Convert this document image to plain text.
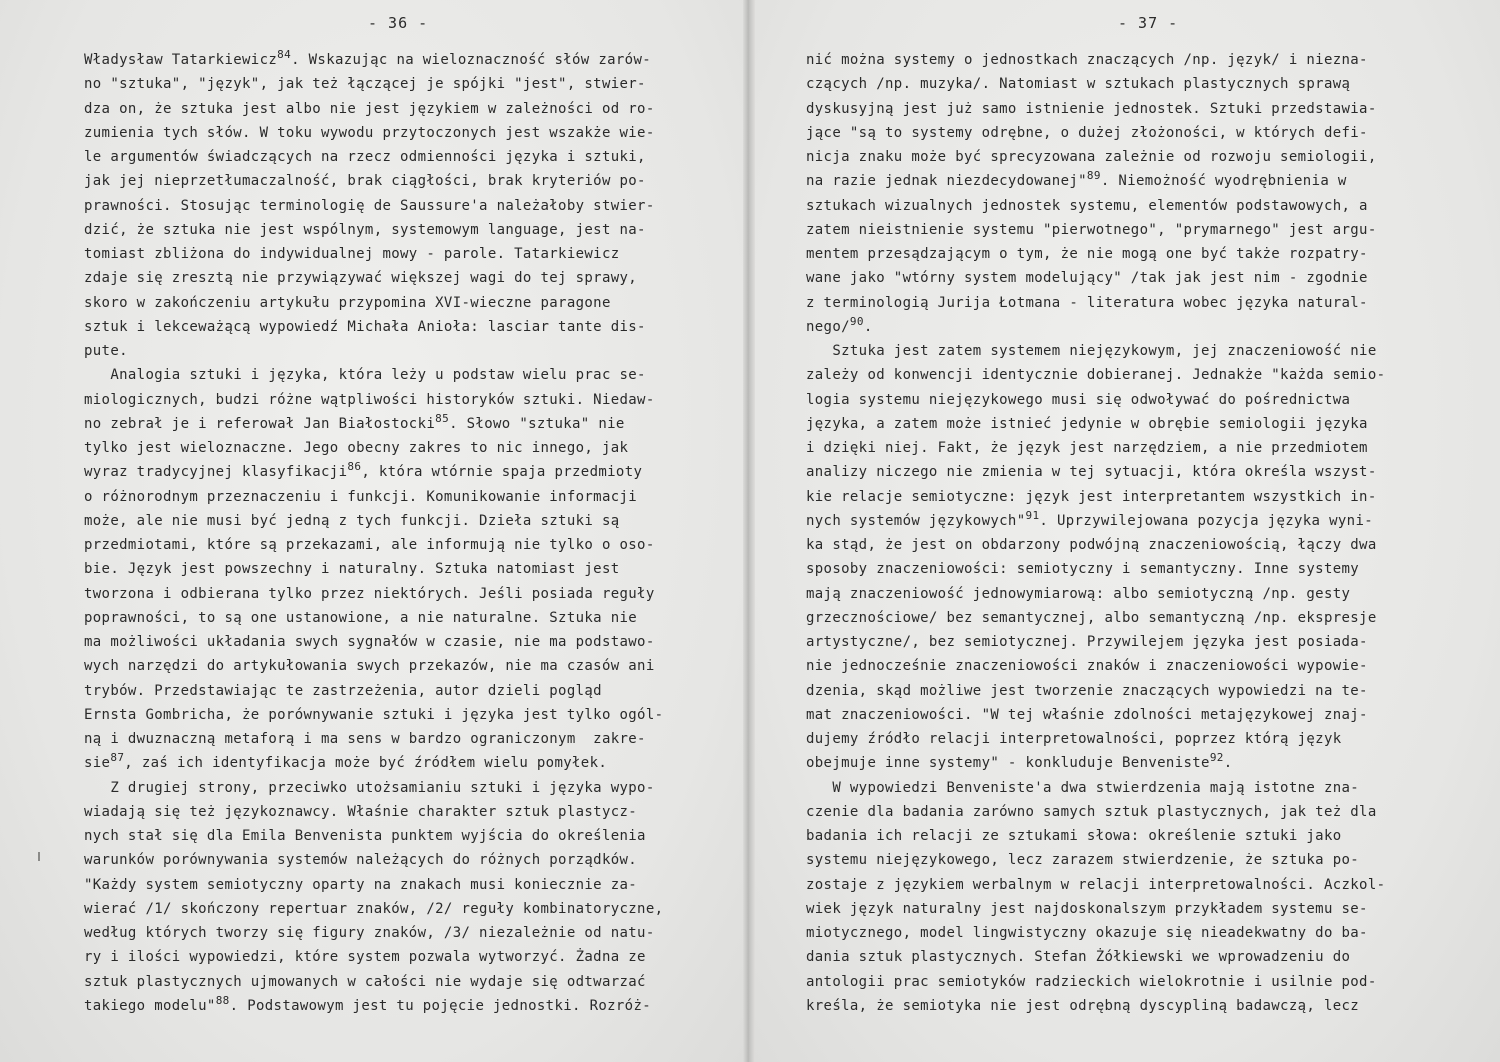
- 36 -
Władysław Tatarkiewicz$^{84}$. Wskazując na wieloznaczność słów zarów-
no "sztuka", "język", jak też łączącej je spójki "jest", stwier-
dza on, że sztuka jest albo nie jest językiem w zależności od ro-
zumienia tych słów. W toku wywodu przytoczonych jest wszakże wie-
le argumentów świadczących na rzecz odmienności języka i sztuki,
jak jej nieprzetłumaczalność, brak ciągłości, brak kryteriów po-
prawności. Stosując terminologię de Saussure'a należałoby stwier-
dzić, że sztuka nie jest wspólnym, systemowym language, jest na-
tomiast zbliżona do indywidualnej mowy - parole. Tatarkiewicz
zdaje się zresztą nie przywiązywać większej wagi do tej sprawy,
skoro w zakończeniu artykułu przypomina XVI-wieczne paragone
sztuk i lekceważącą wypowiedź Michała Anioła: lasciar tante dis-
pute.
Analogia sztuki i języka, która leży u podstaw wielu prac se-
miologicznych, budzi różne wątpliwości historyków sztuki. Niedaw-
no zebrał je i referował Jan Białostocki$^{85}$. Słowo "sztuka" nie
tylko jest wieloznaczne. Jego obecny zakres to nic innego, jak
wyraz tradycyjnej klasyfikacji$^{86}$, która wtórnie spaja przedmioty
o różnorodnym przeznaczeniu i funkcji. Komunikowanie informacji
może, ale nie musi być jedną z tych funkcji. Dzieła sztuki są
przedmiotami, które są przekazami, ale informują nie tylko o oso-
bie. Język jest powszechny i naturalny. Sztuka natomiast jest
tworzona i odbierana tylko przez niektórych. Jeśli posiada reguły
poprawności, to są one ustanowione, a nie naturalne. Sztuka nie
ma możliwości układania swych sygnałów w czasie, nie ma podstawo-
wych narzędzi do artykułowania swych przekazów, nie ma czasów ani
trybów. Przedstawiając te zastrzeżenia, autor dzieli pogląd
Ernsta Gombricha, że porównywanie sztuki i języka jest tylko ogól-
ną i dwuznaczną metaforą i ma sens w bardzo ograniczonym  zakre-
sie$^{87}$, zaś ich identyfikacja może być źródłem wielu pomyłek.
Z drugiej strony, przeciwko utożsamianiu sztuki i języka wypo-
wiadają się też językoznawcy. Właśnie charakter sztuk plastycz-
nych stał się dla Emila Benvenista punktem wyjścia do określenia
warunków porównywania systemów należących do różnych porządków.
"Każdy system semiotyczny oparty na znakach musi koniecznie za-
wierać /1/ skończony repertuar znaków, /2/ reguły kombinatoryczne,
według których tworzy się figury znaków, /3/ niezależnie od natu-
ry i ilości wypowiedzi, które system pozwala wytworzyć. Żadna ze
sztuk plastycznych ujmowanych w całości nie wydaje się odtwarzać
takiego modelu"$^{88}$. Podstawowym jest tu pojęcie jednostki. Rozróż-
- 37 -
nić można systemy o jednostkach znaczących /np. język/ i niezna-
czących /np. muzyka/. Natomiast w sztukach plastycznych sprawą
dyskusyjną jest już samo istnienie jednostek. Sztuki przedstawia-
jące "są to systemy odrębne, o dużej złożoności, w których defi-
nicja znaku może być sprecyzowana zależnie od rozwoju semiologii,
na razie jednak niezdecydowanej"$^{89}$. Niemożność wyodrębnienia w
sztukach wizualnych jednostek systemu, elementów podstawowych, a
zatem nieistnienie systemu "pierwotnego", "prymarnego" jest argu-
mentem przesądzającym o tym, że nie mogą one być także rozpatry-
wane jako "wtórny system modelujący" /tak jak jest nim - zgodnie
z terminologią Jurija Łotmana - literatura wobec języka natural-
nego/$^{90}$.
Sztuka jest zatem systemem niejęzykowym, jej znaczeniowość nie
zależy od konwencji identycznie dobieranej. Jednakże "każda semio-
logia systemu niejęzykowego musi się odwoływać do pośrednictwa
języka, a zatem może istnieć jedynie w obrębie semiologii języka
i dzięki niej. Fakt, że język jest narzędziem, a nie przedmiotem
analizy niczego nie zmienia w tej sytuacji, która określa wszyst-
kie relacje semiotyczne: język jest interpretantem wszystkich in-
nych systemów językowych"$^{91}$. Uprzywilejowana pozycja języka wyni-
ka stąd, że jest on obdarzony podwójną znaczeniowością, łączy dwa
sposoby znaczeniowości: semiotyczny i semantyczny. Inne systemy
mają znaczeniowość jednowymiarową: albo semiotyczną /np. gesty
grzecznościowe/ bez semantycznej, albo semantyczną /np. ekspresje
artystyczne/, bez semiotycznej. Przywilejem języka jest posiada-
nie jednocześnie znaczeniowości znaków i znaczeniowości wypowie-
dzenia, skąd możliwe jest tworzenie znaczących wypowiedzi na te-
mat znaczeniowości. "W tej właśnie zdolności metajęzykowej znaj-
dujemy źródło relacji interpretowalności, poprzez którą język
obejmuje inne systemy" - konkluduje Benveniste$^{92}$.
W wypowiedzi Benveniste'a dwa stwierdzenia mają istotne zna-
czenie dla badania zarówno samych sztuk plastycznych, jak też dla
badania ich relacji ze sztukami słowa: określenie sztuki jako
systemu niejęzykowego, lecz zarazem stwierdzenie, że sztuka po-
zostaje z językiem werbalnym w relacji interpretowalności. Aczkol-
wiek język naturalny jest najdoskonalszym przykładem systemu se-
miotycznego, model lingwistyczny okazuje się nieadekwatny do ba-
dania sztuk plastycznych. Stefan Żółkiewski we wprowadzeniu do
antologii prac semiotyków radzieckich wielokrotnie i usilnie pod-
kreśla, że semiotyka nie jest odrębną dyscypliną badawczą, lecz
